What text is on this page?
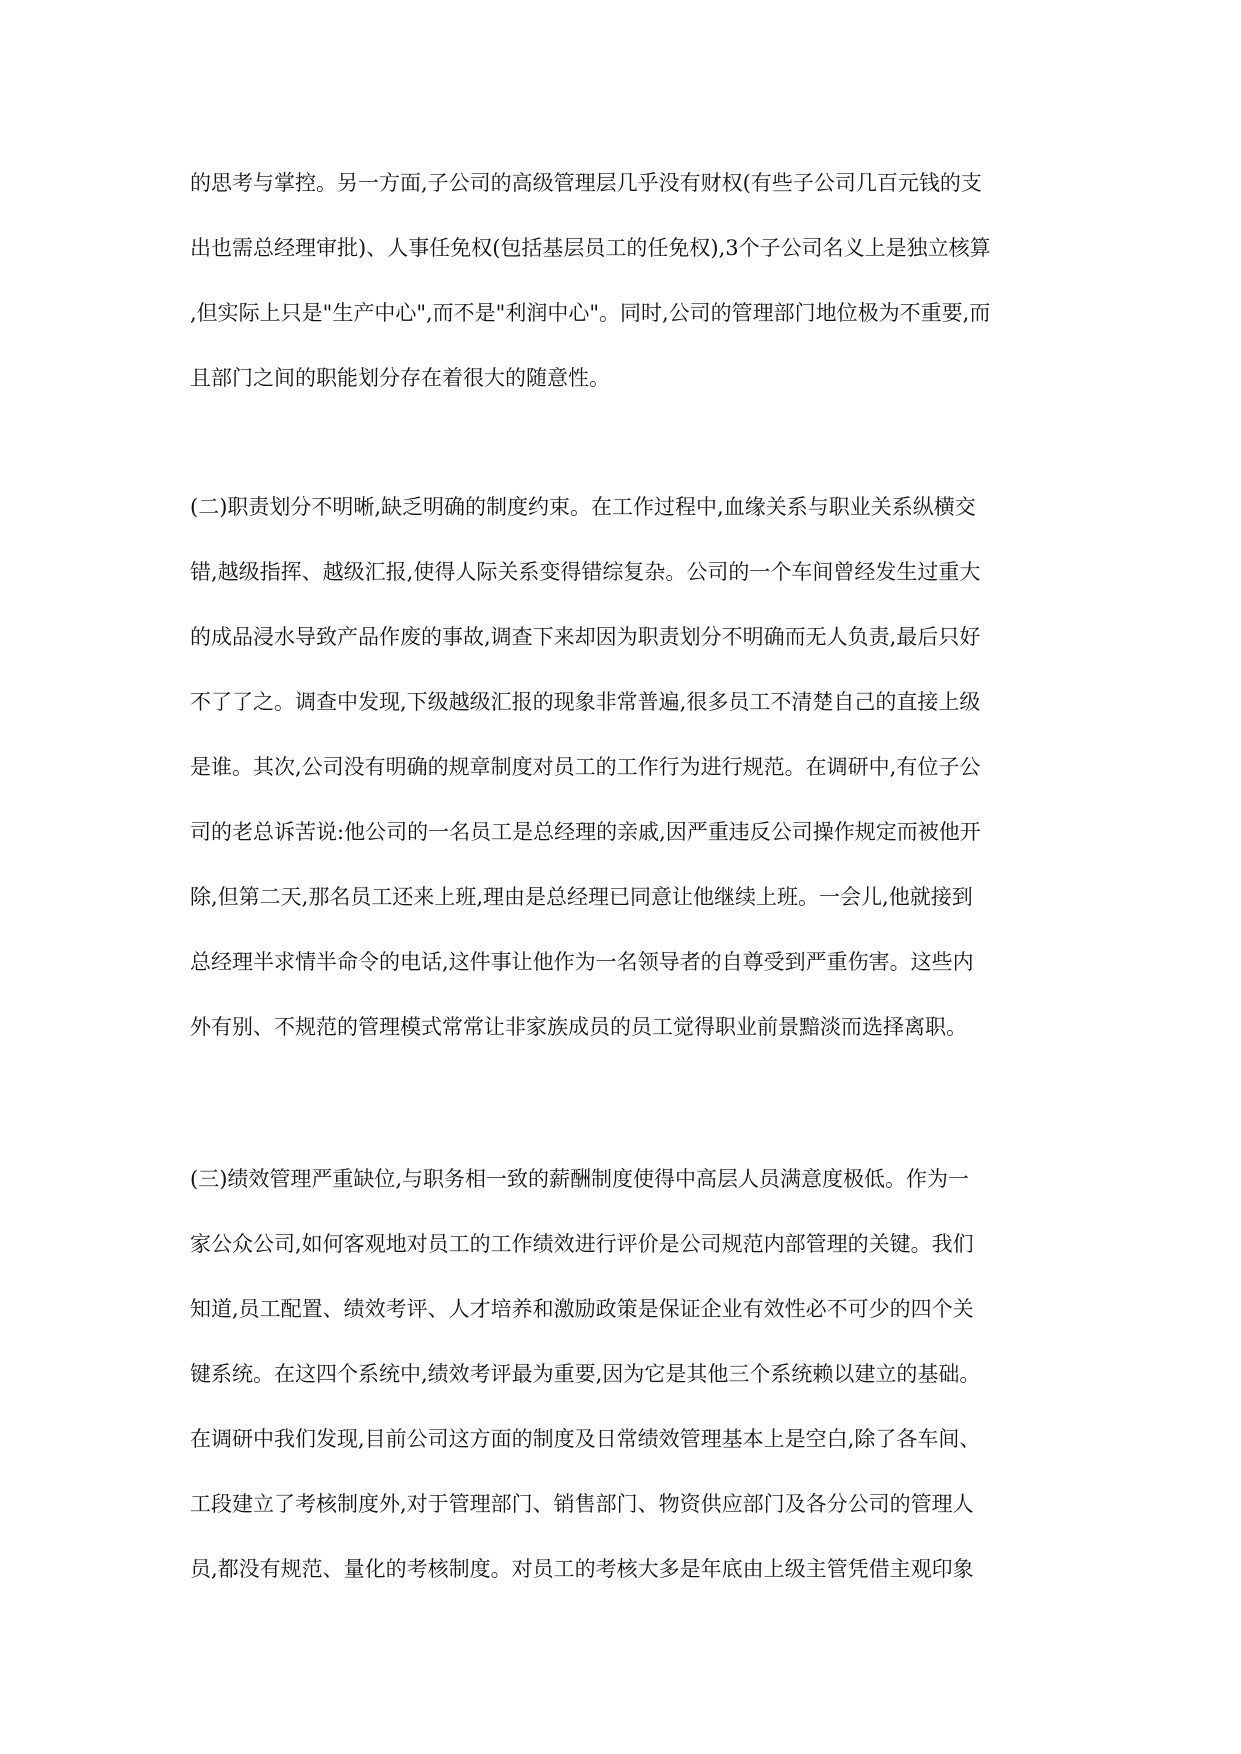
的思考与掌控。另一方面,子公司的高级管理层几乎没有财权(有些子公司几百元钱的支
出也需总经理审批)、人事任免权(包括基层员工的任免权),3个子公司名义上是独立核算
,但实际上只是"生产中心",而不是"利润中心"。同时,公司的管理部门地位极为不重要,而
且部门之间的职能划分存在着很大的随意性。
(二)职责划分不明晰,缺乏明确的制度约束。在工作过程中,血缘关系与职业关系纵横交
错,越级指挥、越级汇报,使得人际关系变得错综复杂。公司的一个车间曾经发生过重大
的成品浸水导致产品作废的事故,调查下来却因为职责划分不明确而无人负责,最后只好
不了了之。调查中发现,下级越级汇报的现象非常普遍,很多员工不清楚自己的直接上级
是谁。其次,公司没有明确的规章制度对员工的工作行为进行规范。在调研中,有位子公
司的老总诉苦说:他公司的一名员工是总经理的亲戚,因严重违反公司操作规定而被他开
除,但第二天,那名员工还来上班,理由是总经理已同意让他继续上班。一会儿,他就接到
总经理半求情半命令的电话,这件事让他作为一名领导者的自尊受到严重伤害。这些内
外有别、不规范的管理模式常常让非家族成员的员工觉得职业前景黯淡而选择离职。
(三)绩效管理严重缺位,与职务相一致的薪酬制度使得中高层人员满意度极低。作为一
家公众公司,如何客观地对员工的工作绩效进行评价是公司规范内部管理的关键。我们
知道,员工配置、绩效考评、人才培养和激励政策是保证企业有效性必不可少的四个关
键系统。在这四个系统中,绩效考评最为重要,因为它是其他三个系统赖以建立的基础。
在调研中我们发现,目前公司这方面的制度及日常绩效管理基本上是空白,除了各车间、
工段建立了考核制度外,对于管理部门、销售部门、物资供应部门及各分公司的管理人
员,都没有规范、量化的考核制度。对员工的考核大多是年底由上级主管凭借主观印象
